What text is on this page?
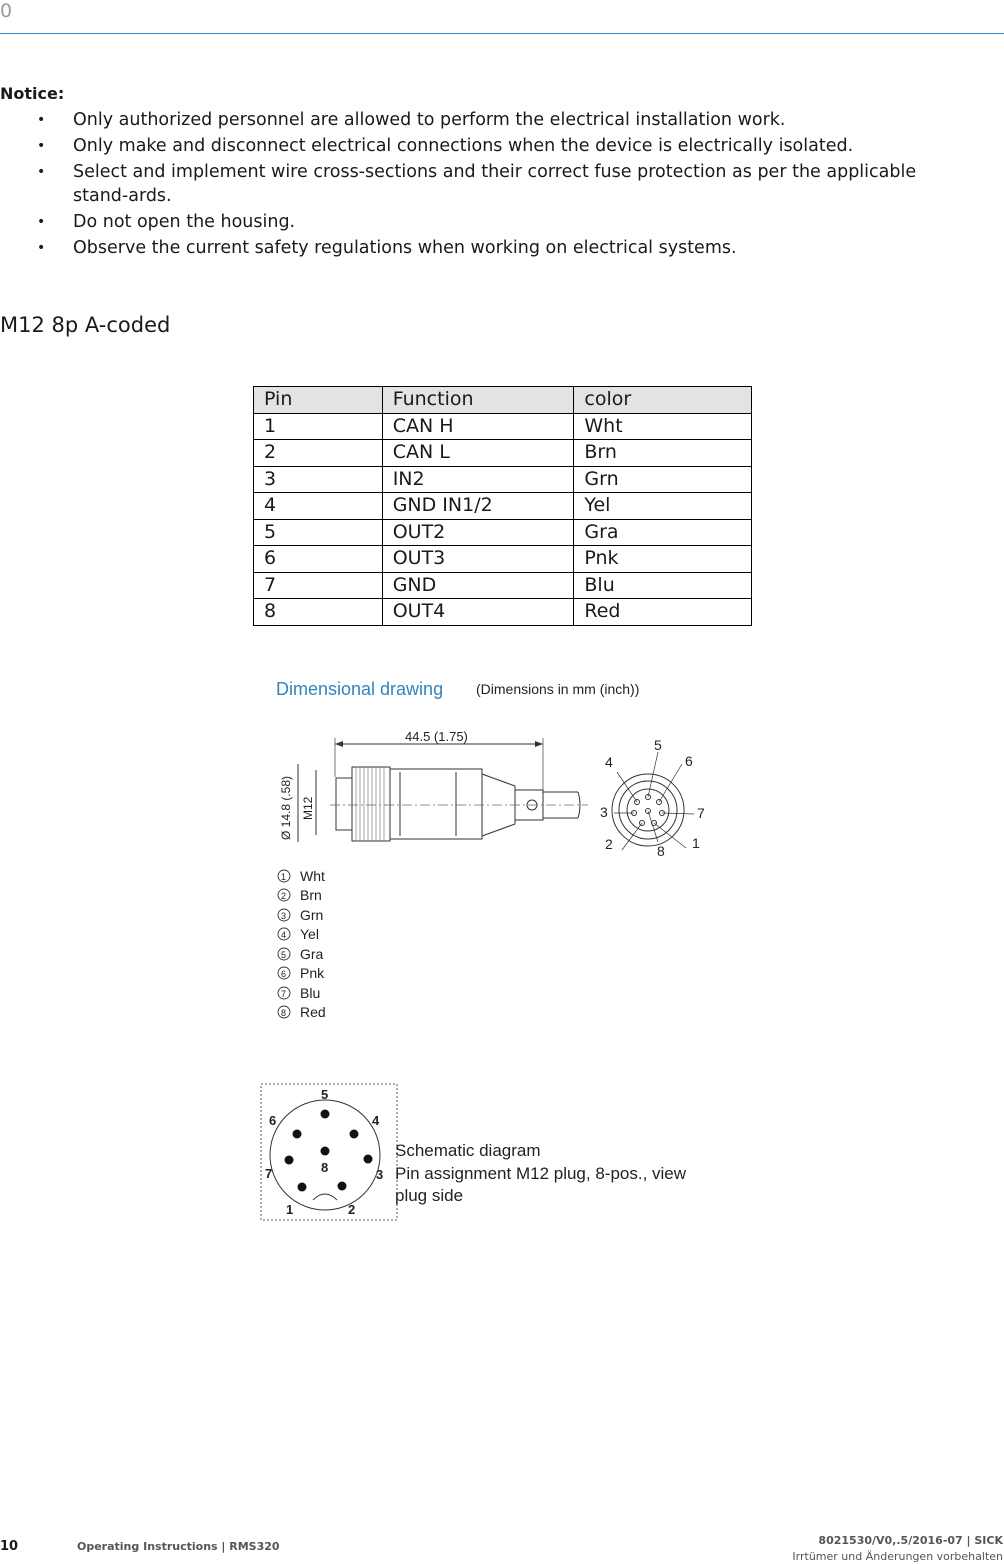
0
Notice:
• Only authorized personnel are allowed to perform the electrical installation work.
• Only make and disconnect electrical connections when the device is electrically isolated.
• Select and implement wire cross-sections and their correct fuse protection as per the applicable stand-ards.
• Do not open the housing.
• Observe the current safety regulations when working on electrical systems.
M12 8p A-coded
Pin	Function	color
1	CAN H	Wht
2	CAN L	Brn
3	IN2	Grn
4	GND IN1/2	Yel
5	OUT2	Gra
6	OUT3	Pnk
7	GND	Blu
8	OUT4	Red
Dimensional drawing (Dimensions in mm (inch))
44.5 (1.75)
Ø 14.8 (.58) M12
1
2
3
4
5
6
7
8
1 Wht
2 Brn
3 Grn
4 Yel
5 Gra
6 Pnk
7 Blu
8 Red
1	2
3
4
5
6
7	8
Schematic diagram
Pin assignment M12 plug, 8-pos., view
plug side
10	Operating Instructions | RMS320	8021530/V0,.5/2016-07 | SICK
Irrtümer und Änderungen vorbehalten
